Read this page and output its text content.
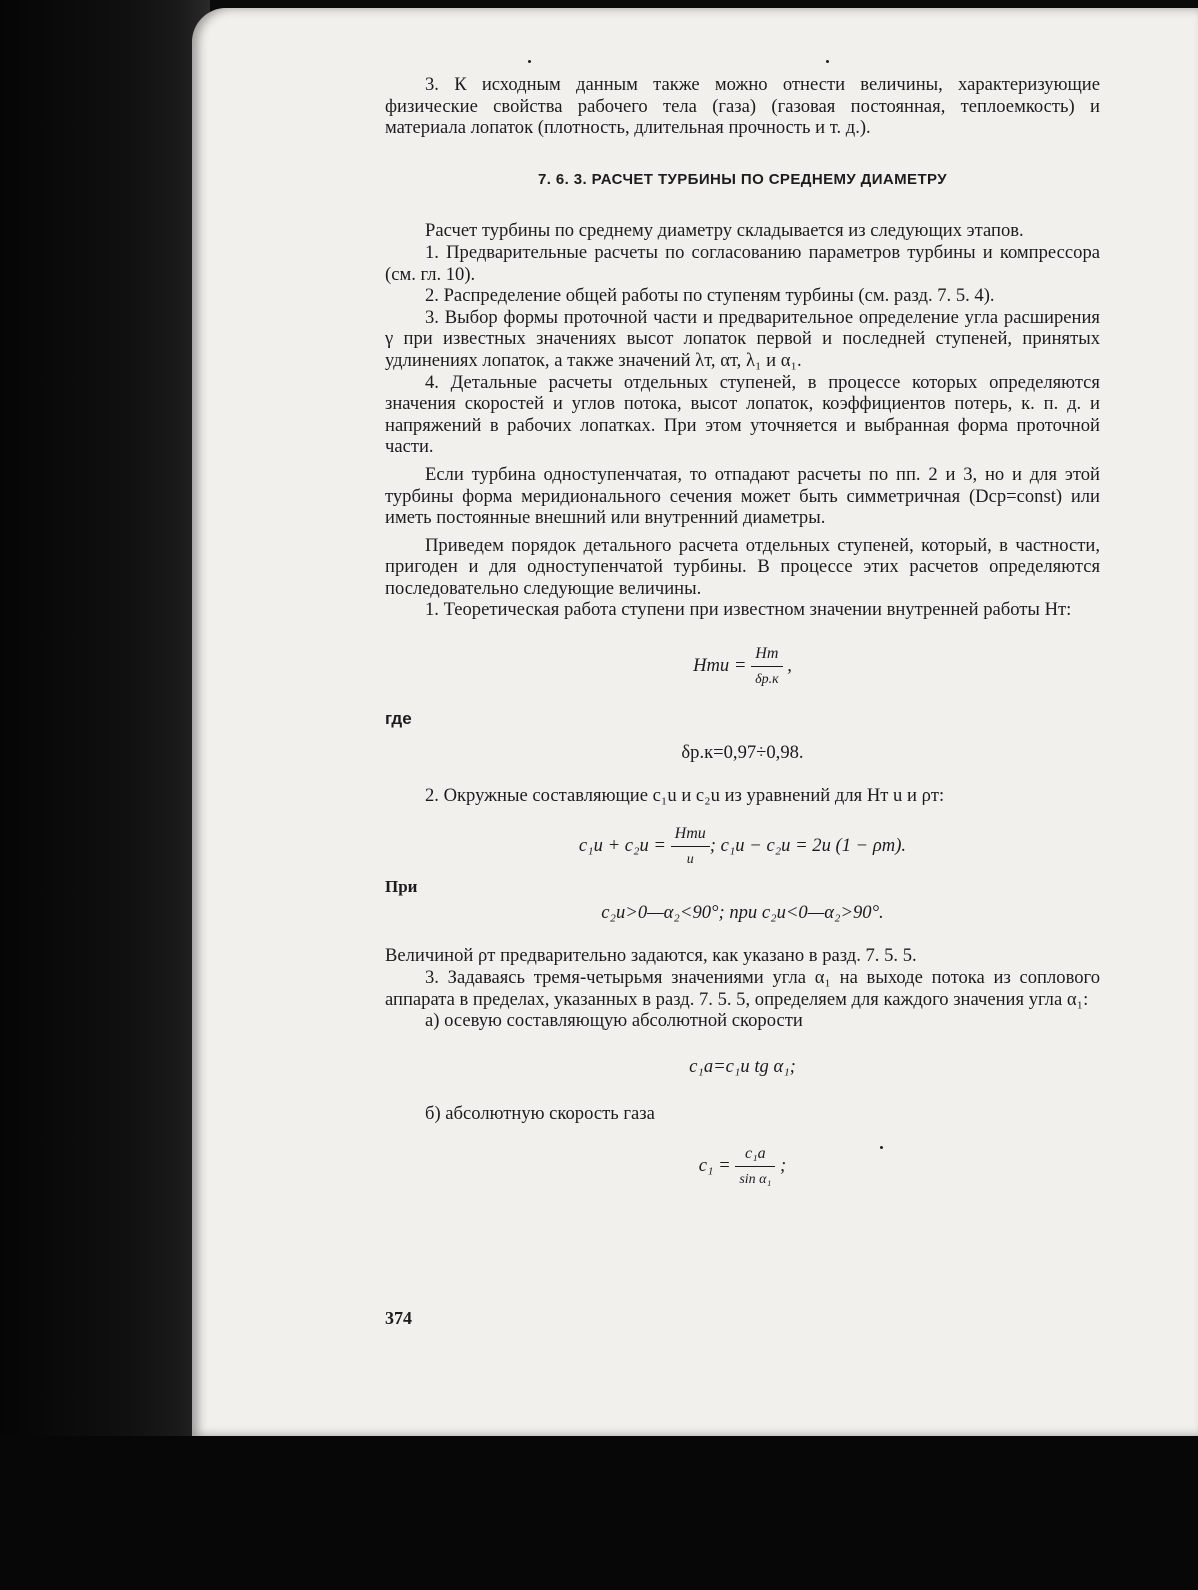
3. К исходным данным также можно отнести величины, характеризующие физические свойства рабочего тела (газа) (газовая постоянная, теплоемкость) и материала лопаток (плотность, длительная прочность и т. д.).

7. 6. 3. РАСЧЕТ ТУРБИНЫ ПО СРЕДНЕМУ ДИАМЕТРУ

Расчет турбины по среднему диаметру складывается из следующих этапов.

1. Предварительные расчеты по согласованию параметров турбины и компрессора (см. гл. 10).

2. Распределение общей работы по ступеням турбины (см. разд. 7. 5. 4).

3. Выбор формы проточной части и предварительное определение угла расширения γ при известных значениях высот лопаток первой и последней ступеней, принятых удлинениях лопаток, а также значений λт, αт, λ₁ и α₁.

4. Детальные расчеты отдельных ступеней, в процессе которых определяются значения скоростей и углов потока, высот лопаток, коэффициентов потерь, к. п. д. и напряжений в рабочих лопатках. При этом уточняется и выбранная форма проточной части.

Если турбина одноступенчатая, то отпадают расчеты по пп. 2 и 3, но и для этой турбины форма меридионального сечения может быть симметричная (Dср=const) или иметь постоянные внешний или внутренний диаметры.

Приведем порядок детального расчета отдельных ступеней, который, в частности, пригоден и для одноступенчатой турбины. В процессе этих расчетов определяются последовательно следующие величины.

1. Теоретическая работа ступени при известном значении внутренней работы Hт:

Hтu = $\frac{Hт}{\delta р.к}$ ,
где
δр.к=0,97÷0,98.

2. Окружные составляющие c₁u и c₂u из уравнений для Hт u и ρт:

$c_1u + c_2u = \frac{\text{Hтu}}{u}$ ; c₁u − c₂u = 2u (1 − ρт).
При
c₂u>0—α₂<90°; при c₂u<0—α₂>90°.

Величиной ρт предварительно задаются, как указано в разд. 7. 5. 5.

3. Задаваясь тремя-четырьмя значениями угла α₁ на выходе потока из соплового аппарата в пределах, указанных в разд. 7. 5. 5, определяем для каждого значения угла α₁:

а) осевую составляющую абсолютной скорости

c₁a=c₁u tg α₁;

б) абсолютную скорость газа

$c_1 = \frac{\text{c₁a}}{\text{sin α₁}}$ ;
374
